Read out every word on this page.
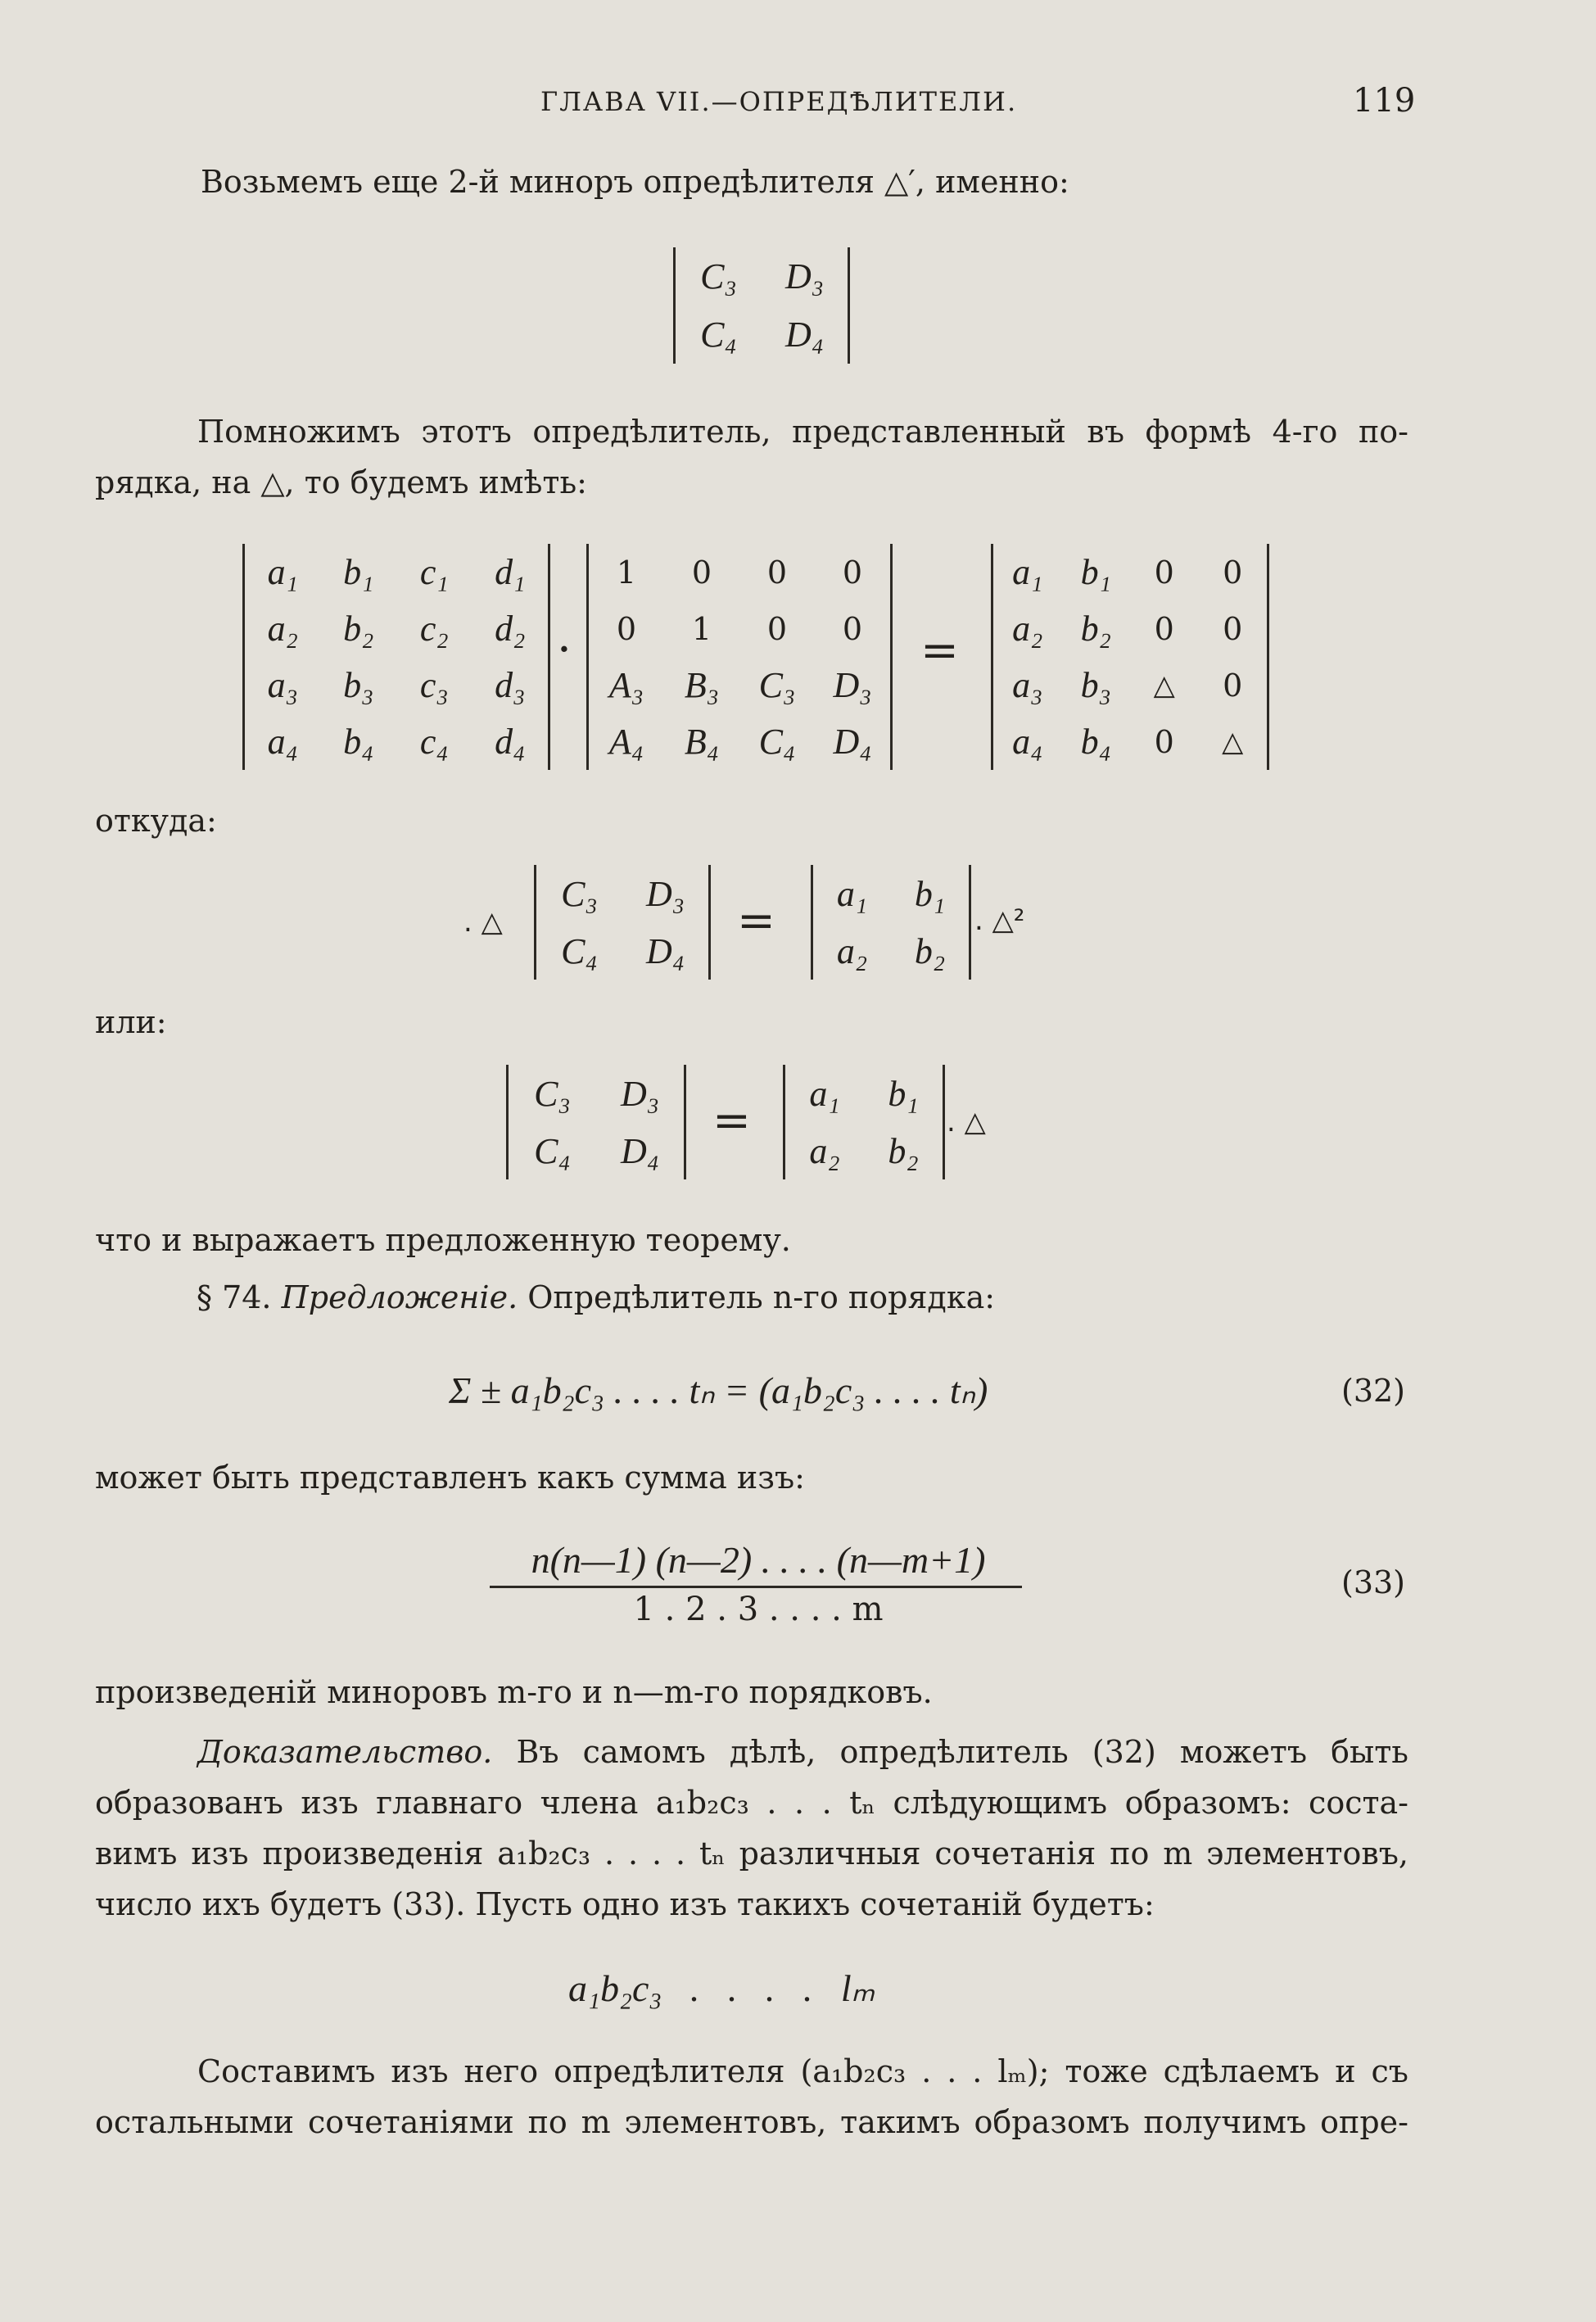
ГЛАВА VII.—ОПРЕДѢЛИТЕЛИ.	119
Возьмемъ еще 2-й миноръ опредѣлителя △′, именно:
C₃	D₃
C₄	D₄
Помножимъ этотъ опредѣлитель, представленный въ формѣ 4-го по-
рядка, на △, то будемъ имѣть:
a₁	b₁	c₁	d₁
a₂	b₂	c₂	d₂
a₃	b₃	c₃	d₃
a₄	b₄	c₄	d₄
.
1	0	0	0
0	1	0	0
A₃	B₃	C₃	D₃
A₄	B₄	C₄	D₄
=
a₁	b₁	0	0
a₂	b₂	0	0
a₃	b₃	△	0
a₄	b₄	0	△
откуда:
. △
C₃	D₃
C₄	D₄
=
a₁	b₁
a₂	b₂
. △²
или:
C₃	D₃
C₄	D₄
=
a₁	b₁
a₂	b₂
. △
что и выражаетъ предложенную теорему.
§ 74. Предложеніе. Опредѣлитель n-го порядка:
Σ ± a₁b₂c₃ . . . . tₙ = (a₁b₂c₃ . . . . tₙ)	(32)
может быть представленъ какъ сумма изъ:
n(n—1) (n—2) . . . . (n—m+1)
1 . 2 . 3 . . . . m
(33)
произведеній миноровъ m-го и n—m-го порядковъ.
Доказательство. Въ самомъ дѣлѣ, опредѣлитель (32) можетъ быть
образованъ изъ главнаго члена a₁b₂c₃ . . . tₙ слѣдующимъ образомъ: соста-
вимъ изъ произведенія a₁b₂c₃ . . . . tₙ различныя сочетанія по m элементовъ,
число ихъ будетъ (33). Пусть одно изъ такихъ сочетаній будетъ:
a₁b₂c₃   .   .   .   .   lₘ
Составимъ изъ него опредѣлителя (a₁b₂c₃ . . . lₘ); тоже сдѣлаемъ и съ
остальными сочетаніями по m элементовъ, такимъ образомъ получимъ опре-
